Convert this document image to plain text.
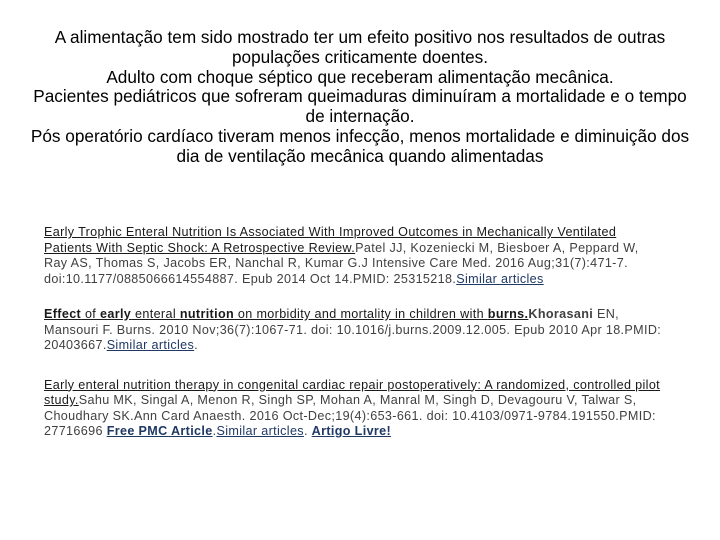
A alimentação tem sido mostrado ter um efeito positivo nos resultados de outras populações criticamente doentes.

Adulto com choque séptico que receberam alimentação mecânica.

Pacientes pediátricos que sofreram queimaduras diminuíram a mortalidade e o tempo de internação.

Pós operatório cardíaco tiveram menos infecção, menos mortalidade e diminuição dos dia de ventilação mecânica quando alimentadas

Early Trophic Enteral Nutrition Is Associated With Improved Outcomes in Mechanically Ventilated Patients With Septic Shock: A Retrospective Review.Patel JJ, Kozeniecki M, Biesboer A, Peppard W, Ray AS, Thomas S, Jacobs ER, Nanchal R, Kumar G.J Intensive Care Med. 2016 Aug;31(7):471-7. doi:10.1177/0885066614554887. Epub 2014 Oct 14.PMID: 25315218.Similar articles

Effect of early enteral nutrition on morbidity and mortality in children with burns.Khorasani EN, Mansouri F. Burns. 2010 Nov;36(7):1067-71. doi: 10.1016/j.burns.2009.12.005. Epub 2010 Apr 18.PMID: 20403667.Similar articles.

Early enteral nutrition therapy in congenital cardiac repair postoperatively: A randomized, controlled pilot study.Sahu MK, Singal A, Menon R, Singh SP, Mohan A, Manral M, Singh D, Devagouru V, Talwar S, Choudhary SK.Ann Card Anaesth. 2016 Oct-Dec;19(4):653-661. doi: 10.4103/0971-9784.191550.PMID: 27716696 Free PMC Article.Similar articles. Artigo Livre!
